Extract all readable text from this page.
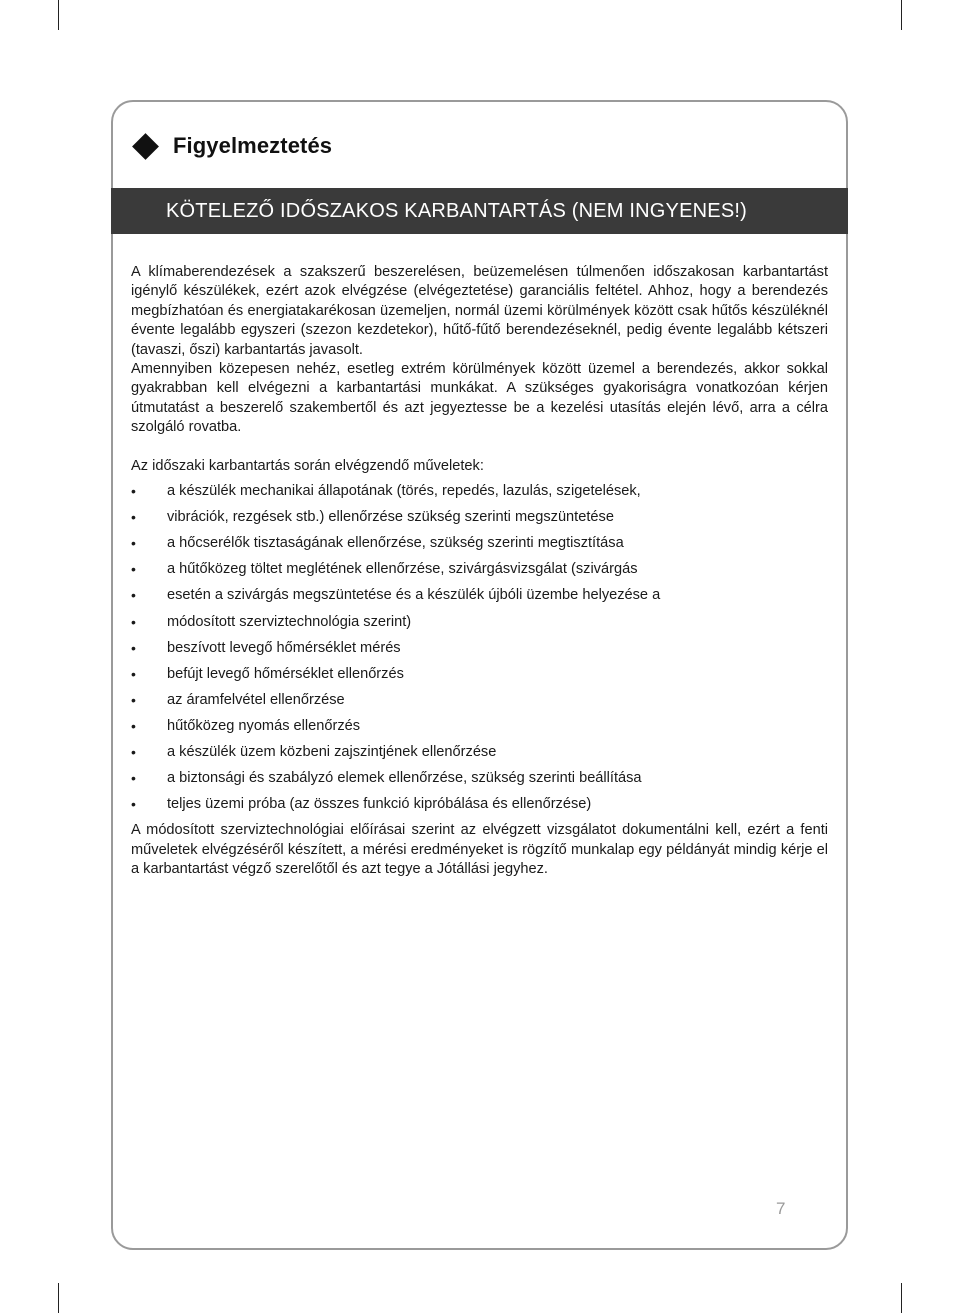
Figyelmeztetés
KÖTELEZŐ IDŐSZAKOS KARBANTARTÁS (NEM INGYENES!)

A klímaberendezések a szakszerű beszerelésen, beüzemelésen túlmenően időszakosan karbantartást igénylő készülékek, ezért azok elvégzése (elvégeztetése) garanciális feltétel. Ahhoz, hogy a berendezés megbízhatóan és energiatakarékosan üzemeljen, normál üzemi körülmények között csak hűtős készüléknél évente legalább egyszeri (szezon kezdetekor), hűtő-fűtő berendezéseknél, pedig évente legalább kétszeri (tavaszi, őszi) karbantartás javasolt.

Amennyiben közepesen nehéz, esetleg extrém körülmények között üzemel a berendezés, akkor sokkal gyakrabban kell elvégezni a karbantartási munkákat. A szükséges gyakoriságra vonatkozóan kérjen útmutatást a beszerelő szakembertől és azt jegyeztesse be a kezelési utasítás elején lévő, arra a célra szolgáló rovatba.

Az időszaki karbantartás során elvégzendő műveletek:

• a készülék mechanikai állapotának (törés, repedés, lazulás, szigetelések,
• vibrációk, rezgések stb.) ellenőrzése szükség szerinti megszüntetése
• a hőcserélők tisztaságának ellenőrzése, szükség szerinti megtisztítása
• a hűtőközeg töltet meglétének ellenőrzése, szivárgásvizsgálat (szivárgás
• esetén a szivárgás megszüntetése és a készülék újbóli üzembe helyezése a
• módosított szerviztechnológia szerint)
• beszívott levegő hőmérséklet mérés
• befújt levegő hőmérséklet ellenőrzés
• az áramfelvétel ellenőrzése
• hűtőközeg nyomás ellenőrzés
• a készülék üzem közbeni zajszintjének ellenőrzése
• a biztonsági és szabályzó elemek ellenőrzése, szükség szerinti beállítása
• teljes üzemi próba (az összes funkció kipróbálása és ellenőrzése)

A módosított szerviztechnológiai előírásai szerint az elvégzett vizsgálatot dokumentálni kell, ezért a fenti műveletek elvégzéséről készített, a mérési eredményeket is rögzítő munkalap egy példányát mindig kérje el a karbantartást végző szerelőtől és azt tegye a Jótállási jegyhez.

7
